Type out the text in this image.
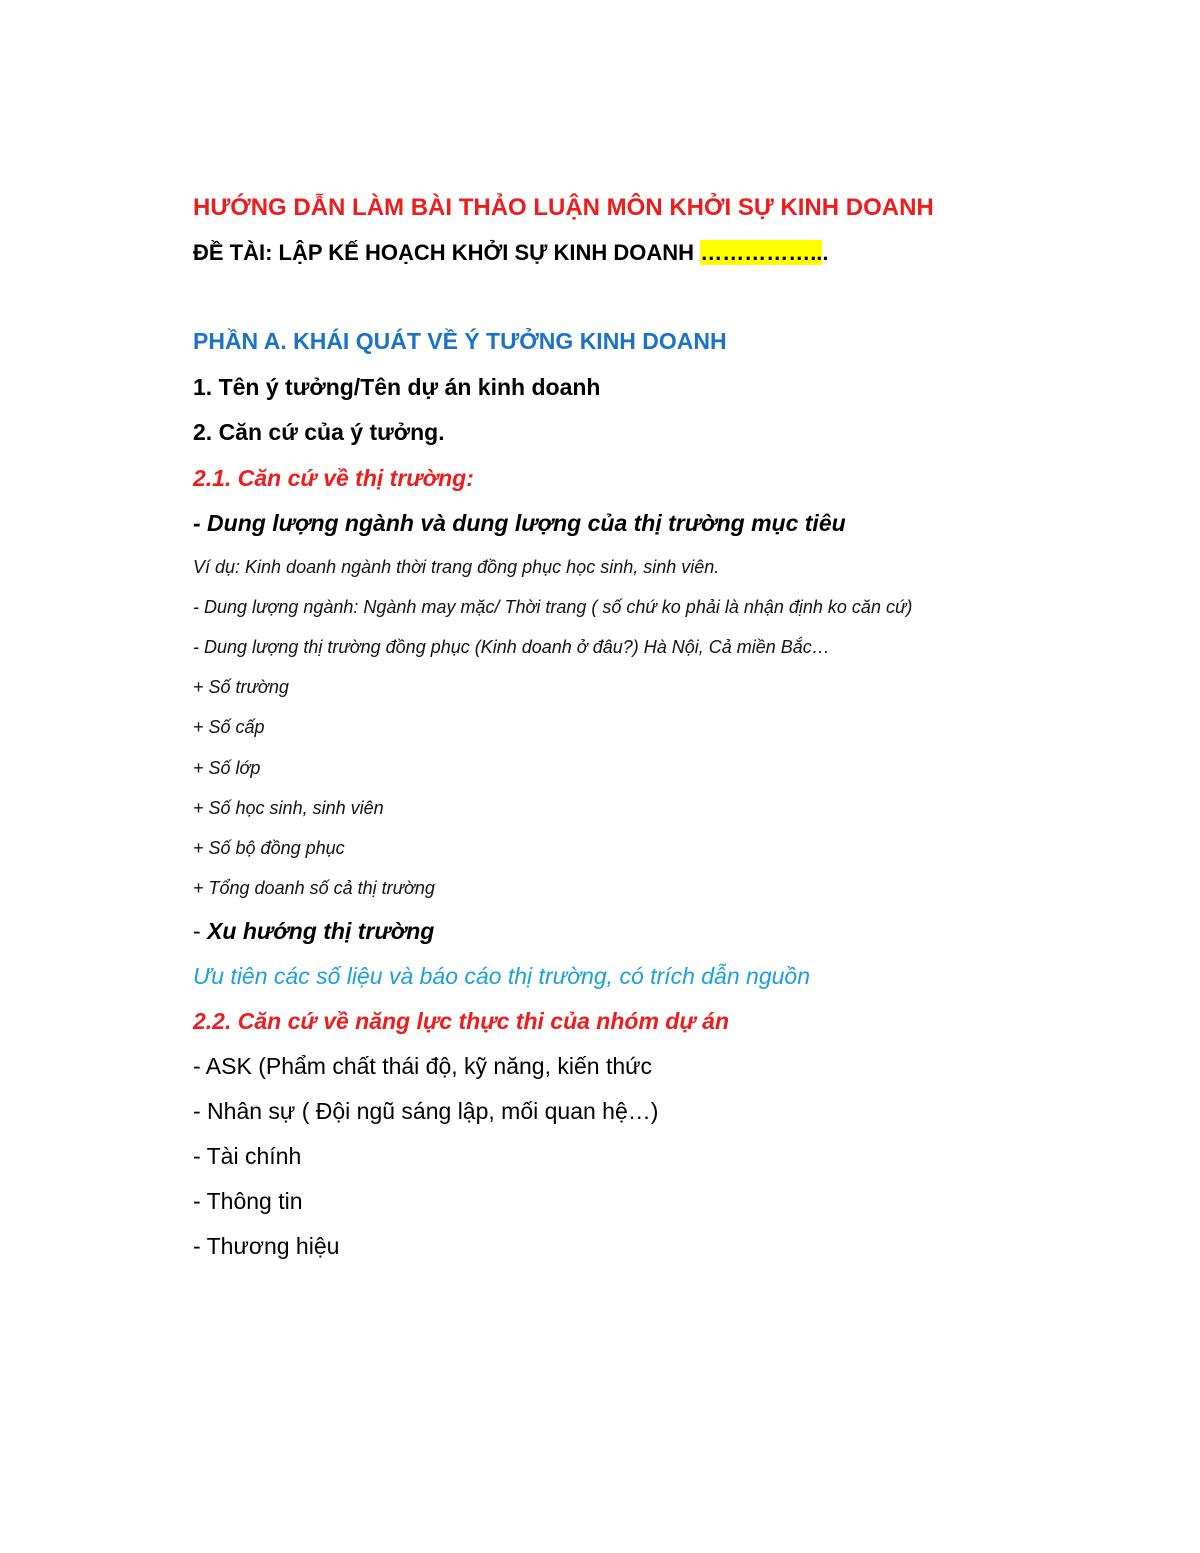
HƯỚNG DẪN LÀM BÀI THẢO LUẬN MÔN KHỞI SỰ KINH DOANH
ĐỀ TÀI: LẬP KẾ HOẠCH KHỞI SỰ KINH DOANH ……………...
PHẦN A. KHÁI QUÁT VỀ Ý TƯỞNG KINH DOANH
1. Tên ý tưởng/Tên dự án kinh doanh
2. Căn cứ của ý tưởng.
2.1. Căn cứ về thị trường:
- Dung lượng ngành và dung lượng của thị trường mục tiêu
Ví dụ: Kinh doanh ngành thời trang đồng phục học sinh, sinh viên.
- Dung lượng ngành: Ngành may mặc/ Thời trang ( số chứ ko phải là nhận định ko căn cứ)
- Dung lượng thị trường đồng phục (Kinh doanh ở đâu?) Hà Nội, Cả miền Bắc…
+ Số trường
+ Số cấp
+ Số lớp
+ Số học sinh, sinh viên
+ Số bộ đồng phục
+ Tổng doanh số cả thị trường
- Xu hướng thị trường
Ưu tiên các số liệu và báo cáo thị trường, có trích dẫn nguồn
2.2. Căn cứ về năng lực thực thi của nhóm dự án
- ASK (Phẩm chất thái độ, kỹ năng, kiến thức
- Nhân sự ( Đội ngũ sáng lập, mối quan hệ…)
- Tài chính
- Thông tin
- Thương hiệu
